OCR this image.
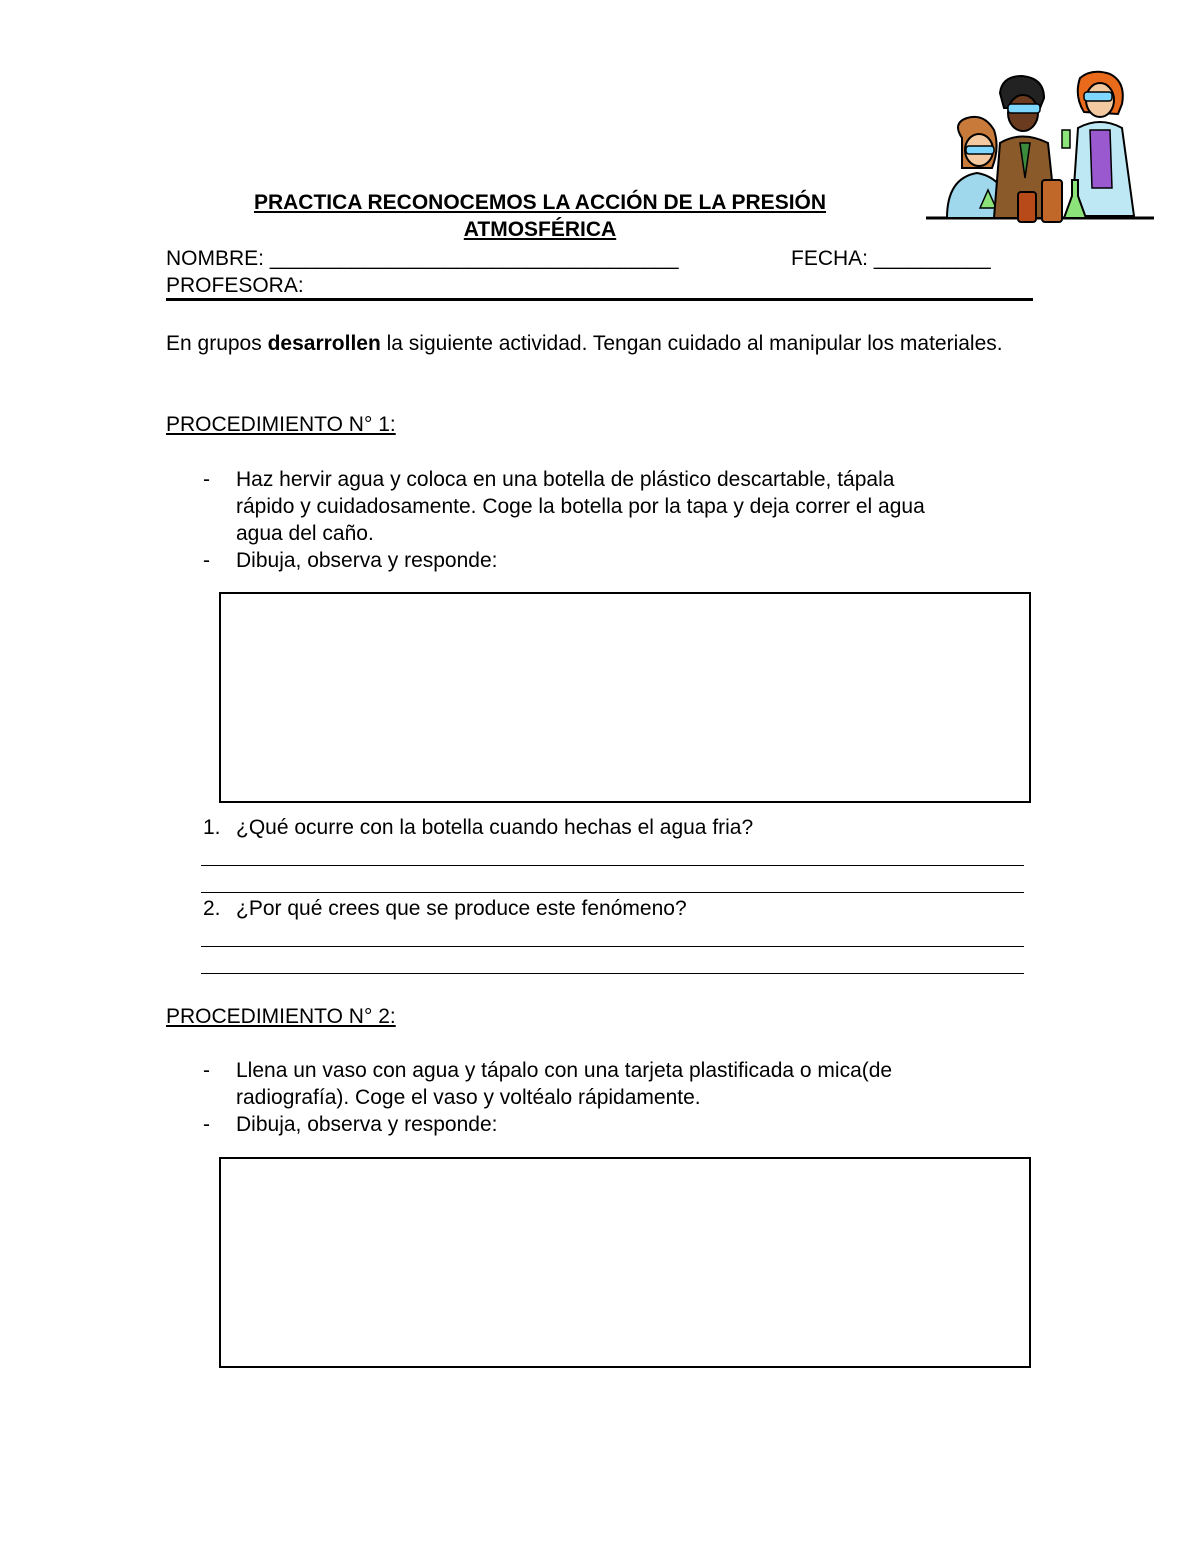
PRACTICA RECONOCEMOS LA ACCIÓN DE LA PRESIÓN
ATMOSFÉRICA
NOMBRE: ___________________________________	FECHA: __________
PROFESORA:
En grupos desarrollen la siguiente actividad. Tengan cuidado al manipular los materiales.
PROCEDIMIENTO N° 1:
- Haz hervir agua y coloca en una botella de plástico descartable, tápala
rápido y cuidadosamente. Coge la botella por la tapa y deja correr el agua
agua del caño.
- Dibuja, observa y responde:
1. ¿Qué ocurre con la botella cuando hechas el agua fria?
2. ¿Por qué crees que se produce este fenómeno?
PROCEDIMIENTO N° 2:
- Llena un vaso con agua y tápalo con una tarjeta plastificada o mica(de
radiografía). Coge el vaso y voltéalo rápidamente.
- Dibuja, observa y responde:
